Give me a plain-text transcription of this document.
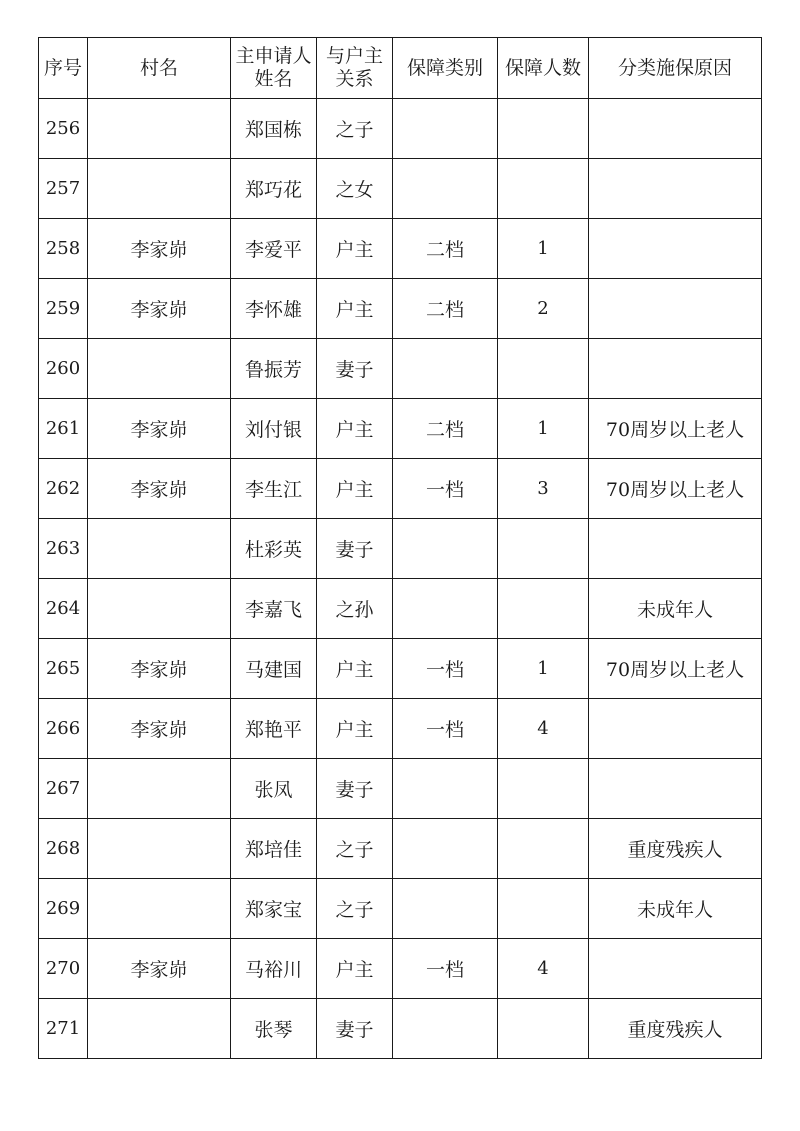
序号	村名	主申请人姓名	与户主关系	保障类别	保障人数	分类施保原因

256		郑国栋	之子			
257		郑巧花	之女			
258	李家峁	李爱平	户主	二档	1	
259	李家峁	李怀雄	户主	二档	2	
260		鲁振芳	妻子			
261	李家峁	刘付银	户主	二档	1	70周岁以上老人
262	李家峁	李生江	户主	一档	3	70周岁以上老人
263		杜彩英	妻子			
264		李嘉飞	之孙			未成年人
265	李家峁	马建国	户主	一档	1	70周岁以上老人
266	李家峁	郑艳平	户主	一档	4	
267		张凤	妻子			
268		郑培佳	之子			重度残疾人
269		郑家宝	之子			未成年人
270	李家峁	马裕川	户主	一档	4	
271		张琴	妻子			重度残疾人
